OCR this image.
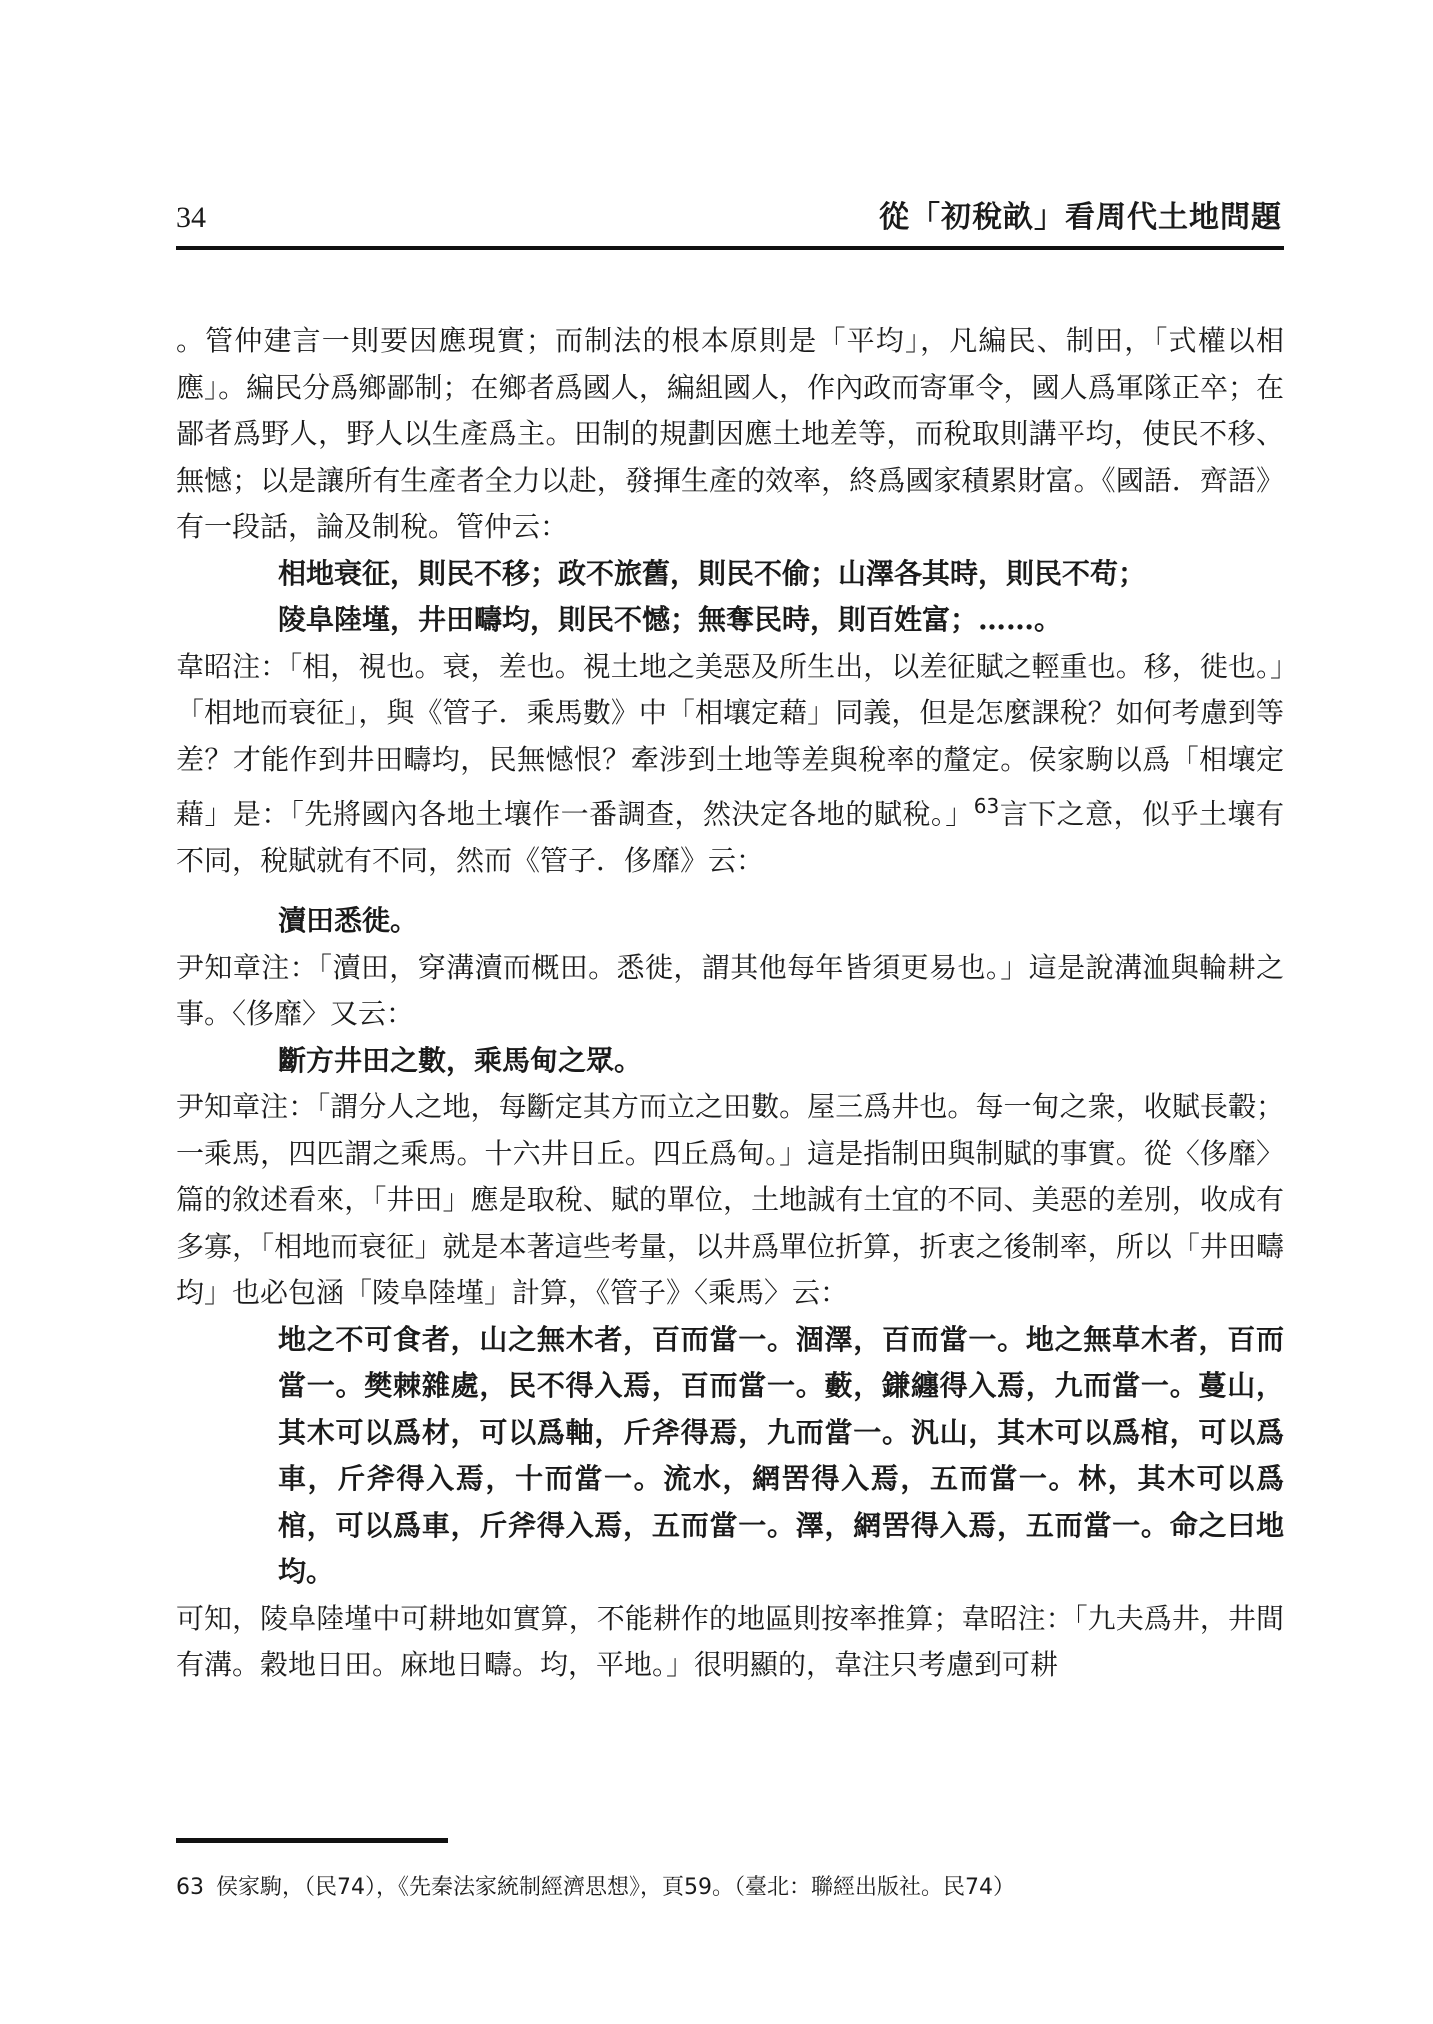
34	從「初稅畝」看周代土地問題

。管仲建言一則要因應現實；而制法的根本原則是「平均」，凡編民、制田，「式權以相應」。編民分爲鄉鄙制；在鄉者爲國人，編組國人，作內政而寄軍令，國人爲軍隊正卒；在鄙者爲野人，野人以生產爲主。田制的規劃因應土地差等，而稅取則講平均，使民不移、無憾；以是讓所有生產者全力以赴，發揮生產的效率，終爲國家積累財富。《國語．齊語》有一段話，論及制稅。管仲云：

相地衰征，則民不移；政不旅舊，則民不偷；山澤各其時，則民不苟；

陵阜陸墐，井田疇均，則民不憾；無奪民時，則百姓富；……。

韋昭注：「相，視也。衰，差也。視土地之美惡及所生出，以差征賦之輕重也。移，徙也。」「相地而衰征」，與《管子．乘馬數》中「相壤定藉」同義，但是怎麼課稅？如何考慮到等差？才能作到井田疇均，民無憾恨？牽涉到土地等差與稅率的釐定。侯家駒以爲「相壤定藉」是：「先將國內各地土壤作一番調查，然決定各地的賦稅。」$^{63}$言下之意，似乎土壤有不同，稅賦就有不同，然而《管子．侈靡》云：

瀆田悉徙。

尹知章注：「瀆田，穿溝瀆而概田。悉徙，謂其他每年皆須更易也。」這是說溝洫與輪耕之事。〈侈靡〉又云：

斷方井田之數，乘馬甸之眾。

尹知章注：「謂分人之地，每斷定其方而立之田數。屋三爲井也。每一甸之衆，收賦長轂；一乘馬，四匹謂之乘馬。十六井日丘。四丘爲甸。」這是指制田與制賦的事實。從〈侈靡〉篇的敘述看來，「井田」應是取稅、賦的單位，土地誠有土宜的不同、美惡的差別，收成有多寡，「相地而衰征」就是本著這些考量，以井爲單位折算，折衷之後制率，所以「井田疇均」也必包涵「陵阜陸墐」計算，《管子》〈乘馬〉云：

地之不可食者，山之無木者，百而當一。涸澤，百而當一。地之無草木者，百而當一。樊棘雜處，民不得入焉，百而當一。藪，鎌纏得入焉，九而當一。蔓山，其木可以爲材，可以爲軸，斤斧得焉，九而當一。汎山，其木可以爲棺，可以爲車，斤斧得入焉，十而當一。流水，網罟得入焉，五而當一。林，其木可以爲棺，可以爲車，斤斧得入焉，五而當一。澤，網罟得入焉，五而當一。命之曰地均。

可知，陵阜陸墐中可耕地如實算，不能耕作的地區則按率推算；韋昭注：「九夫爲井，井間有溝。穀地日田。麻地日疇。均，平地。」很明顯的，韋注只考慮到可耕

63 侯家駒，（民74），《先秦法家統制經濟思想》，頁59。（臺北：聯經出版社。民74）
